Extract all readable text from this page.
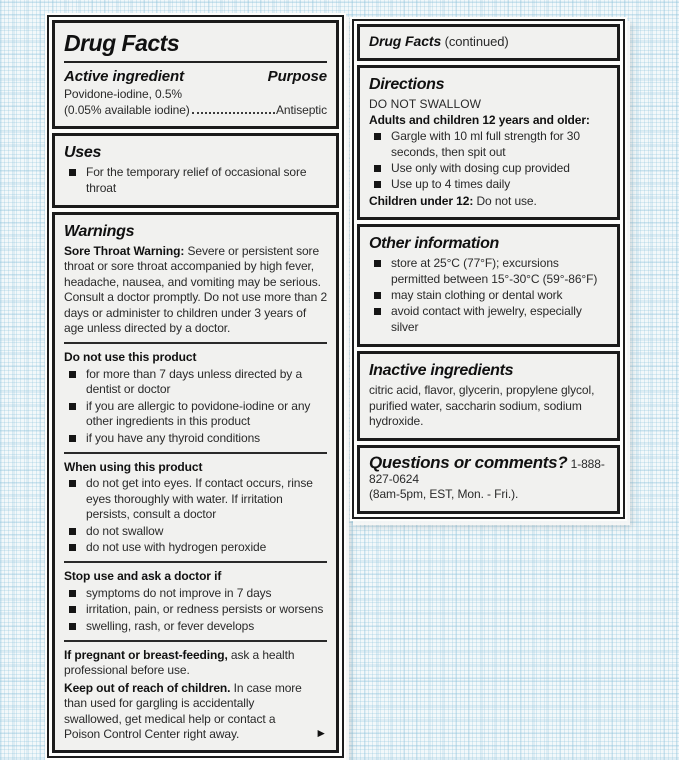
Drug Facts
Active ingredient	Purpose

Povidone-iodine, 0.5%

(0.05% available iodine)	Antiseptic
Uses
For the temporary relief of occasional sore throat
Warnings

Sore Throat Warning: Severe or persistent sore throat or sore throat accompanied by high fever, headache, nausea, and vomiting may be serious. Consult a doctor promptly. Do not use more than 2 days or administer to children under 3 years of age unless directed by a doctor.

Do not use this product
for more than 7 days unless directed by a dentist or doctor
if you are allergic to povidone-iodine or any other ingredients in this product
if you have any thyroid conditions
When using this product
do not get into eyes. If contact occurs, rinse eyes thoroughly with water. If irritation persists, consult a doctor
do not swallow
do not use with hydrogen peroxide
Stop use and ask a doctor if
symptoms do not improve in 7 days
irritation, pain, or redness persists or worsens
swelling, rash, or fever develops

If pregnant or breast-feeding, ask a health professional before use.

Keep out of reach of children. In case more than used for gargling is accidentally swallowed, get medical help or contact a Poison Control Center right away.	►

Drug Facts (continued)
Directions

DO NOT SWALLOW

Adults and children 12 years and older:
Gargle with 10 ml full strength for 30 seconds, then spit out
Use only with dosing cup provided
Use up to 4 times daily

Children under 12: Do not use.

Other information
store at 25°C (77°F); excursions permitted between 15°-30°C (59°-86°F)
may stain clothing or dental work
avoid contact with jewelry, especially silver
Inactive ingredients

citric acid, flavor, glycerin, propylene glycol, purified water, saccharin sodium, sodium hydroxide.

Questions or comments? 1-888-827-0624

(8am-5pm, EST, Mon. - Fri.).
